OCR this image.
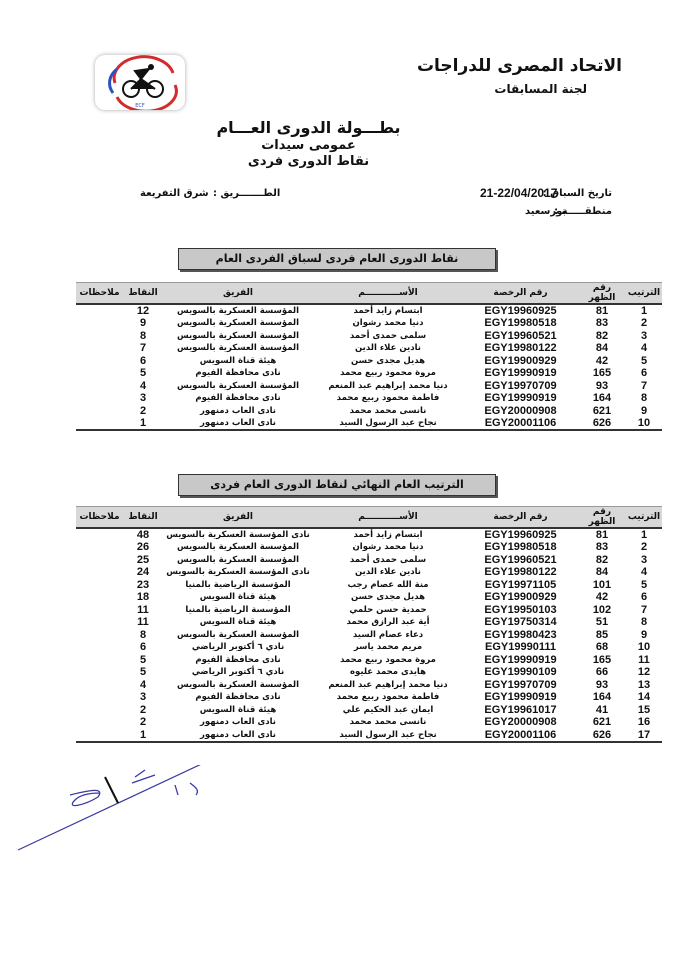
الاتحاد المصرى للدراجات
لجنة المسابقات
ECF
بطـــولة الدورى العـــام
عمومى سيدات
نقاط الدورى فردى
تاريخ السباق :
21-22/04/2017
منطقـــــة :
بورسعيد
الطـــــــريق :
شرق التفريعة
نقاط الدورى العام فردى لسباق الفردى العام
الترتيب	رقم الظهر	رقم الرخصة	الأســـــــــــم	الفريق	النقاط	ملاحظات
1	81	EGY19960925	ابتسام زايد أحمد	المؤسسة العسكرية بالسويس	12	
2	83	EGY19980518	دنيا محمد رشوان	المؤسسة العسكرية بالسويس	9	
3	82	EGY19960521	سلمى حمدى أحمد	المؤسسة العسكرية بالسويس	8	
4	84	EGY19980122	نادين علاء الدين	المؤسسة العسكرية بالسويس	7	
5	42	EGY19900929	هديل مجدى حسن	هيئة قناة السويس	6	
6	165	EGY19990919	مروة محمود ربيع محمد	نادى محافظة الفيوم	5	
7	93	EGY19970709	دنيا محمد إبراهيم عبد المنعم	المؤسسة العسكرية بالسويس	4	
8	164	EGY19990919	فاطمة محمود ربيع محمد	نادى محافظة الفيوم	3	
9	621	EGY20000908	نانسى محمد محمد	نادى العاب دمنهور	2	
10	626	EGY20001106	نجاح عبد الرسول السيد	نادى العاب دمنهور	1	
الترتيب العام النهائي لنقاط الدورى العام فردى
الترتيب	رقم الظهر	رقم الرخصة	الأســـــــــــم	الفريق	النقاط	ملاحظات
1	81	EGY19960925	ابتسام زايد أحمد	نادى المؤسسة العسكرية بالسويس	48	
2	83	EGY19980518	دنيا محمد رشوان	المؤسسة العسكرية بالسويس	26	
3	82	EGY19960521	سلمى حمدى أحمد	المؤسسة العسكرية بالسويس	25	
4	84	EGY19980122	نادين علاء الدين	نادى المؤسسة العسكرية بالسويس	24	
5	101	EGY19971105	منة الله عصام رجب	المؤسسة الرياضية بالمنيا	23	
6	42	EGY19900929	هديل مجدى حسن	هيئة قناة السويس	18	
7	102	EGY19950103	حمدية حسن حلمي	المؤسسة الرياضية بالمنيا	11	
8	51	EGY19750314	أية عبد الرازق محمد	هيئة قناة السويس	11	
9	85	EGY19980423	دعاء عصام السيد	المؤسسة العسكرية بالسويس	8	
10	68	EGY19990111	مريم محمد ياسر	نادي ٦ أكتوبر الرياضي	6	
11	165	EGY19990919	مروة محمود ربيع محمد	نادى محافظة الفيوم	5	
12	66	EGY19990109	هايدى محمد عليوه	نادي ٦ أكتوبر الرياضي	5	
13	93	EGY19970709	دنيا محمد إبراهيم عبد المنعم	المؤسسة العسكرية بالسويس	4	
14	164	EGY19990919	فاطمة محمود ربيع محمد	نادى محافظة الفيوم	3	
15	41	EGY19961017	ايمان عبد الحكيم علي	هيئة قناة السويس	2	
16	621	EGY20000908	نانسى محمد محمد	نادى العاب دمنهور	2	
17	626	EGY20001106	نجاح عبد الرسول السيد	نادى العاب دمنهور	1	
